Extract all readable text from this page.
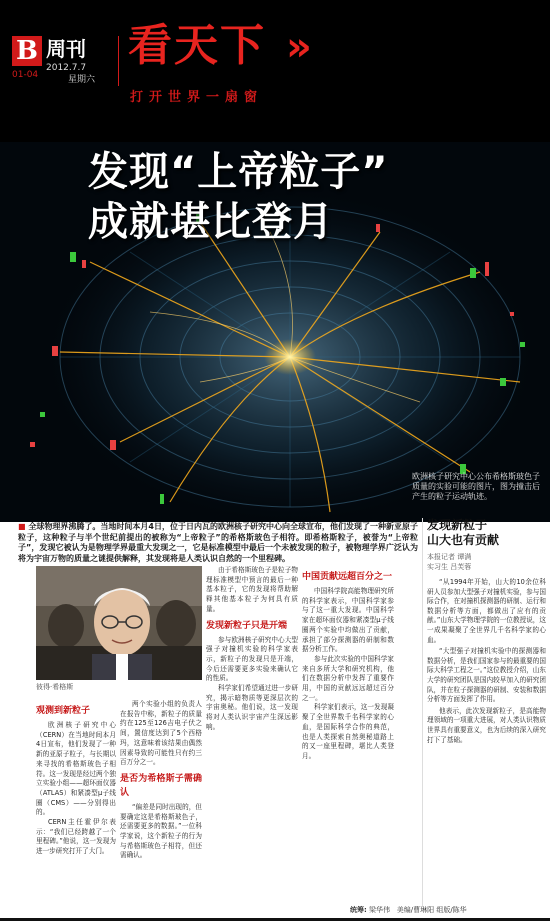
B 周刊
2012.7.7
01-04	星期六
看天下 »
打开世界一扇窗
发现“上帝粒子”
成就堪比登月
欧洲核子研究中心公布希格斯玻色子质量的实验可能的图片，图为撞击后产生的粒子运动轨迹。
■ 全球物理界沸腾了。当地时间本月4日，位于日内瓦的欧洲核子研究中心向全球宣布，他们发现了一种新亚原子粒子，这种粒子与半个世纪前提出的被称为“上帝粒子”的希格斯玻色子相符。即希格斯粒子，被誉为“上帝粒子”，发现它被认为是物理学界最重大发现之一，它是标准模型中最后一个未被发现的粒子，被物理学界广泛认为将为宇宙万物的质量之谜提供解释，其发现将是人类认识自然的一个里程碑。
彼得·希格斯
观测到新粒子

欧洲核子研究中心（CERN）在当地时间本月4日宣布，他们发现了一种新的亚原子粒子，与长期以来寻找的希格斯玻色子相符。这一发现是经过两个独立实验小组——超环面仪器（ATLAS）和紧凑型μ子线圈（CMS）——分别得出的。

CERN主任霍伊尔表示：“我们已经跨越了一个里程碑。”他说，这一发现为进一步研究打开了大门。

两个实验小组的负责人在报告中称，新粒子的质量约在125至126吉电子伏之间，置信度达到了5个西格玛，这意味着该结果由偶然因素导致的可能性只有约三百万分之一。

是否为希格斯子需确认

“偏差是同时出现的，但要确定这是希格斯玻色子，还需要更多的数据。”一位科学家说，这个新粒子的行为与希格斯玻色子相符，但还需确认。

由于希格斯玻色子是粒子物理标准模型中预言的最后一种基本粒子，它的发现将帮助解释其他基本粒子为何具有质量。

发现新粒子只是开端

参与欧洲核子研究中心大型强子对撞机实验的科学家表示，新粒子的发现只是开端，今后还需要更多实验来确认它的性质。

科学家们希望通过进一步研究，揭示暗物质等更深层次的宇宙奥秘。他们说，这一发现将对人类认识宇宙产生深远影响。

中国贡献远超百分之一

中国科学院高能物理研究所的科学家表示，中国科学家参与了这一重大发现。中国科学家在超环面仪器和紧凑型μ子线圈两个实验中均做出了贡献，承担了部分探测器的研制和数据分析工作。

参与此次实验的中国科学家来自多所大学和研究机构，他们在数据分析中发挥了重要作用，中国的贡献远远超过百分之一。

科学家们表示，这一发现凝聚了全世界数千名科学家的心血，是国际科学合作的典范，也是人类探索自然奥秘道路上的又一座里程碑，堪比人类登月。

发现新粒子
山大也有贡献
本报记者 谭满
实习生 吕芙蓉

“从1994年开始，山大的10余位科研人员参加大型强子对撞机实验，参与国际合作，在对撞机探测器的研制、运行和数据分析等方面，都做出了应有的贡献。”山东大学物理学院的一位教授说，这一成果凝聚了全世界几千名科学家的心血。

“大型强子对撞机实验中的探测器和数据分析，是我们国家参与的最重要的国际大科学工程之一。”这位教授介绍，山东大学的研究团队是国内较早加入的研究团队，并在粒子探测器的研制、安装和数据分析等方面发挥了作用。

他表示，此次发现新粒子，是高能物理领域的一项重大进展，对人类认识物质世界具有重要意义，也为后续的深入研究打下了基础。

统筹: 梁华伟 美编/曹琳阳 组版/陈华
